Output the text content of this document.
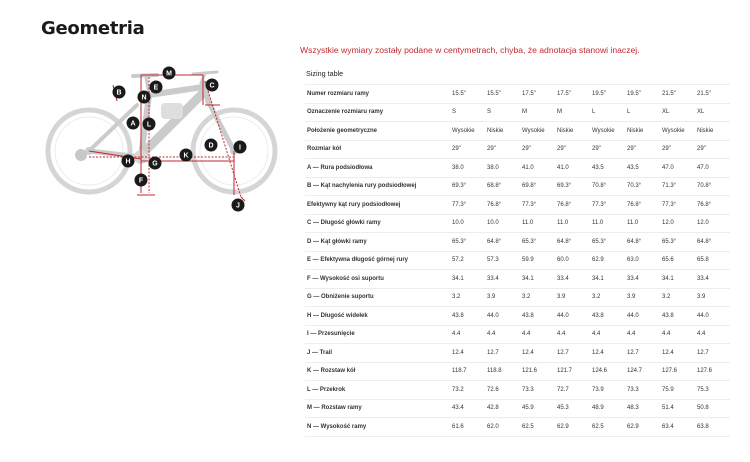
Geometria
Wszystkie wymiary zostały podane w centymetrach, chyba, że adnotacja stanowi inaczej.
M
C
B
N
E
A L
D	I
H
K
G
F
J
Sizing table
Numer rozmiaru ramy	15.5"	15.5"	17.5"	17.5"	19.5"	19.5"	21.5"	21.5"
Oznaczenie rozmiaru ramy	S	S	M	M	L	L	XL	XL
Położenie geometryczne	Wysokie	Niskie	Wysokie	Niskie	Wysokie	Niskie	Wysokie	Niskie
Rozmiar kół	29"	29"	29"	29"	29"	29"	29"	29"
A — Rura podsiodłowa	38.0	38.0	41.0	41.0	43.5	43.5	47.0	47.0
B — Kąt nachylenia rury podsiodłowej	69.3°	68.8°	69.8°	69.3°	70.8°	70.3°	71.3°	70.8°
Efektywny kąt rury podsiodłowej	77.3°	76.8°	77.3°	76.8°	77.3°	76.8°	77.3°	76.8°
C — Długość główki ramy	10.0	10.0	11.0	11.0	11.0	11.0	12.0	12.0
D — Kąt główki ramy	65.3°	64.8°	65.3°	64.8°	65.3°	64.8°	65.3°	64.8°
E — Efektywna długość górnej rury	57.2	57.3	59.9	60.0	62.9	63.0	65.6	65.8
F — Wysokość osi suportu	34.1	33.4	34.1	33.4	34.1	33.4	34.1	33.4
G — Obniżenie suportu	3.2	3.9	3.2	3.9	3.2	3.9	3.2	3.9
H — Długość widełek	43.8	44.0	43.8	44.0	43.8	44.0	43.8	44.0
I — Przesunięcie	4.4	4.4	4.4	4.4	4.4	4.4	4.4	4.4
J — Trail	12.4	12.7	12.4	12.7	12.4	12.7	12.4	12.7
K — Rozstaw kół	118.7	118.8	121.6	121.7	124.6	124.7	127.6	127.6
L — Przekrok	73.2	72.6	73.3	72.7	73.9	73.3	75.9	75.3
M — Rozstaw ramy	43.4	42.8	45.9	45.3	48.9	48.3	51.4	50.8
N — Wysokość ramy	61.6	62.0	62.5	62.9	62.5	62.9	63.4	63.8
